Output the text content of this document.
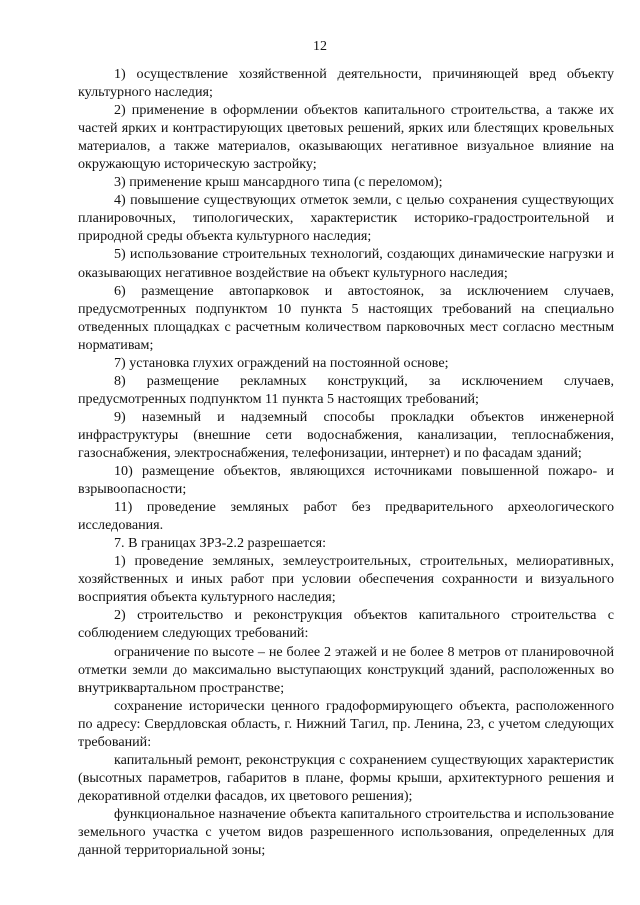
12

1) осуществление хозяйственной деятельности, причиняющей вред объекту культурного наследия;

2) применение в оформлении объектов капитального строительства, а также их частей ярких и контрастирующих цветовых решений, ярких или блестящих кровельных материалов, а также материалов, оказывающих негативное визуальное влияние на окружающую историческую застройку;

3) применение крыш мансардного типа (с переломом);

4) повышение существующих отметок земли, с целью сохранения существующих планировочных, типологических, характеристик историко-градостроительной и природной среды объекта культурного наследия;

5) использование строительных технологий, создающих динамические нагрузки и оказывающих негативное воздействие на объект культурного наследия;

6) размещение автопарковок и автостоянок, за исключением случаев, предусмотренных подпунктом 10 пункта 5 настоящих требований на специально отведенных площадках с расчетным количеством парковочных мест согласно местным нормативам;

7) установка глухих ограждений на постоянной основе;

8) размещение рекламных конструкций, за исключением случаев, предусмотренных подпунктом 11 пункта 5 настоящих требований;

9) наземный и надземный способы прокладки объектов инженерной инфраструктуры (внешние сети водоснабжения, канализации, теплоснабжения, газоснабжения, электроснабжения, телефонизации, интернет) и по фасадам зданий;

10) размещение объектов, являющихся источниками повышенной пожаро- и взрывоопасности;

11) проведение земляных работ без предварительного археологического исследования.

7. В границах ЗРЗ-2.2 разрешается:

1) проведение земляных, землеустроительных, строительных, мелиоративных, хозяйственных и иных работ при условии обеспечения сохранности и визуального восприятия объекта культурного наследия;

2) строительство и реконструкция объектов капитального строительства с соблюдением следующих требований:

ограничение по высоте – не более 2 этажей и не более 8 метров от планировочной отметки земли до максимально выступающих конструкций зданий, расположенных во внутриквартальном пространстве;

сохранение исторически ценного градоформирующего объекта, расположенного по адресу: Свердловская область, г. Нижний Тагил, пр. Ленина, 23, с учетом следующих требований:

капитальный ремонт, реконструкция с сохранением существующих характеристик (высотных параметров, габаритов в плане, формы крыши, архитектурного решения и декоративной отделки фасадов, их цветового решения);

функциональное назначение объекта капитального строительства и использование земельного участка с учетом видов разрешенного использования, определенных для данной территориальной зоны;
